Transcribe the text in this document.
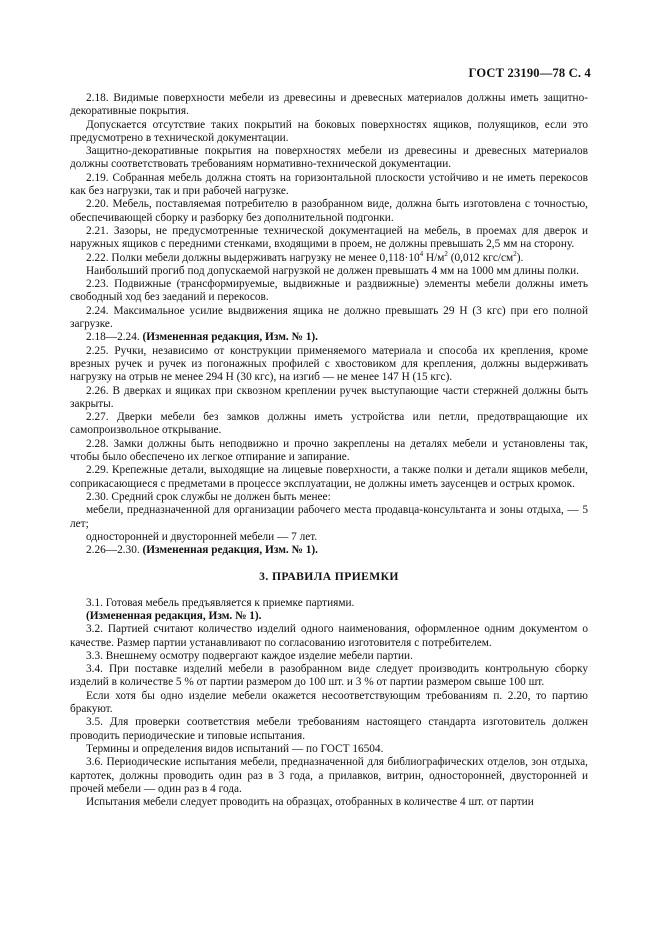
ГОСТ 23190—78 С. 4

2.18. Видимые поверхности мебели из древесины и древесных материалов должны иметь защитно-декоративные покрытия.

Допускается отсутствие таких покрытий на боковых поверхностях ящиков, полуящиков, если это предусмотрено в технической документации.

Защитно-декоративные покрытия на поверхностях мебели из древесины и древесных материалов должны соответствовать требованиям нормативно-технической документации.

2.19. Собранная мебель должна стоять на горизонтальной плоскости устойчиво и не иметь перекосов как без нагрузки, так и при рабочей нагрузке.

2.20. Мебель, поставляемая потребителю в разобранном виде, должна быть изготовлена с точностью, обеспечивающей сборку и разборку без дополнительной подгонки.

2.21. Зазоры, не предусмотренные технической документацией на мебель, в проемах для дверок и наружных ящиков с передними стенками, входящими в проем, не должны превышать 2,5 мм на сторону.

2.22. Полки мебели должны выдерживать нагрузку не менее $0,118\cdot 10^4$ $Н/м^2$ (0,012 кгс/$см^2$).

Наибольший прогиб под допускаемой нагрузкой не должен превышать 4 мм на 1000 мм длины полки.

2.23. Подвижные (трансформируемые, выдвижные и раздвижные) элементы мебели должны иметь свободный ход без заеданий и перекосов.

2.24. Максимальное усилие выдвижения ящика не должно превышать 29 Н (3 кгс) при его полной загрузке.

2.18—2.24. (Измененная редакция, Изм. № 1).

2.25. Ручки, независимо от конструкции применяемого материала и способа их крепления, кроме врезных ручек и ручек из погонажных профилей с хвостовиком для крепления, должны выдерживать нагрузку на отрыв не менее 294 Н (30 кгс), на изгиб — не менее 147 Н (15 кгс).

2.26. В дверках и ящиках при сквозном креплении ручек выступающие части стержней должны быть закрыты.

2.27. Дверки мебели без замков должны иметь устройства или петли, предотвращающие их самопроизвольное открывание.

2.28. Замки должны быть неподвижно и прочно закреплены на деталях мебели и установлены так, чтобы было обеспечено их легкое отпирание и запирание.

2.29. Крепежные детали, выходящие на лицевые поверхности, а также полки и детали ящиков мебели, соприкасающиеся с предметами в процессе эксплуатации, не должны иметь заусенцев и острых кромок.

2.30. Средний срок службы не должен быть менее:

мебели, предназначенной для организации рабочего места продавца-консультанта и зоны отдыха, — 5 лет;

односторонней и двусторонней мебели — 7 лет.

2.26—2.30. (Измененная редакция, Изм. № 1).

3. ПРАВИЛА ПРИЕМКИ

3.1. Готовая мебель предъявляется к приемке партиями.

(Измененная редакция, Изм. № 1).

3.2. Партией считают количество изделий одного наименования, оформленное одним документом о качестве. Размер партии устанавливают по согласованию изготовителя с потребителем.

3.3. Внешнему осмотру подвергают каждое изделие мебели партии.

3.4. При поставке изделий мебели в разобранном виде следует производить контрольную сборку изделий в количестве 5 % от партии размером до 100 шт. и 3 % от партии размером свыше 100 шт.

Если хотя бы одно изделие мебели окажется несоответствующим требованиям п. 2.20, то партию бракуют.

3.5. Для проверки соответствия мебели требованиям настоящего стандарта изготовитель должен проводить периодические и типовые испытания.

Термины и определения видов испытаний — по ГОСТ 16504.

3.6. Периодические испытания мебели, предназначенной для библиографических отделов, зон отдыха, картотек, должны проводить один раз в 3 года, а прилавков, витрин, односторонней, двусторонней и прочей мебели — один раз в 4 года.

Испытания мебели следует проводить на образцах, отобранных в количестве 4 шт. от партии
